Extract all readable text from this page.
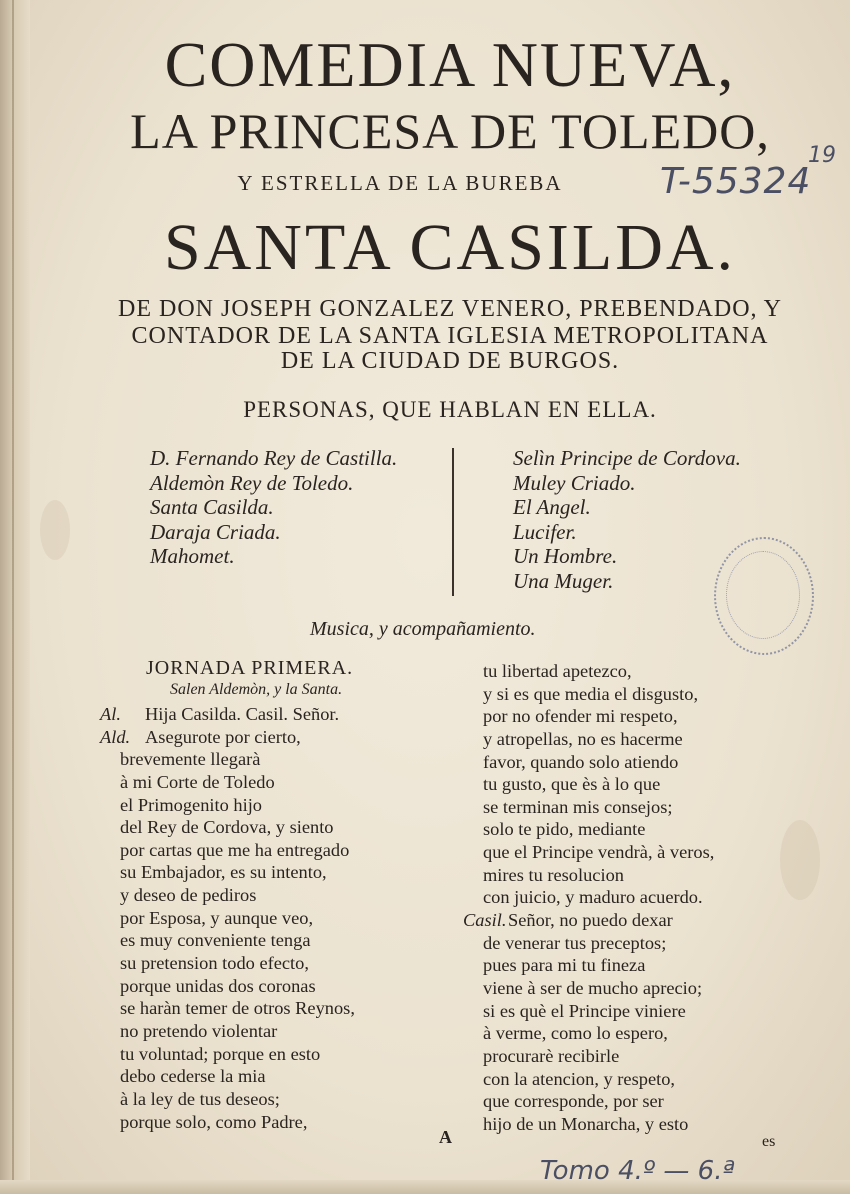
COMEDIA NUEVA,
LA PRINCESA DE TOLEDO,
Y ESTRELLA DE LA BUREBA
SANTA CASILDA.
T-55324
19
DE DON JOSEPH GONZALEZ VENERO, PREBENDADO, Y
CONTADOR DE LA SANTA IGLESIA METROPOLITANA
DE LA CIUDAD DE BURGOS.
PERSONAS, QUE HABLAN EN ELLA.
D. Fernando Rey de Castilla.
Aldemòn Rey de Toledo.
Santa Casilda.
Daraja Criada.
Mahomet.
Selìn Principe de Cordova.
Muley Criado.
El Angel.
Lucifer.
Un Hombre.
Una Muger.
Musica, y acompañamiento.
JORNADA PRIMERA.
Salen Aldemòn, y la Santa.
Al. Hija Casilda. Casil. Señor.
Ald. Asegurote por cierto,
brevemente llegarà
à mi Corte de Toledo
el Primogenito hijo
del Rey de Cordova, y siento
por cartas que me ha entregado
su Embajador, es su intento,
y deseo de pediros
por Esposa, y aunque veo,
es muy conveniente tenga
su pretension todo efecto,
porque unidas dos coronas
se haràn temer de otros Reynos,
no pretendo violentar
tu voluntad; porque en esto
debo cederse la mia
à la ley de tus deseos;
porque solo, como Padre,
tu libertad apetezco,
y si es que media el disgusto,
por no ofender mi respeto,
y atropellas, no es hacerme
favor, quando solo atiendo
tu gusto, que ès à lo que
se terminan mis consejos;
solo te pido, mediante
que el Principe vendrà, à veros,
mires tu resolucion
con juicio, y maduro acuerdo.
Casil. Señor, no puedo dexar
de venerar tus preceptos;
pues para mi tu fineza
viene à ser de mucho aprecio;
si es què el Principe viniere
à verme, como lo espero,
procurarè recibirle
con la atencion, y respeto,
que corresponde, por ser
hijo de un Monarcha, y esto
A	es
Tomo 4.º — 6.ª
